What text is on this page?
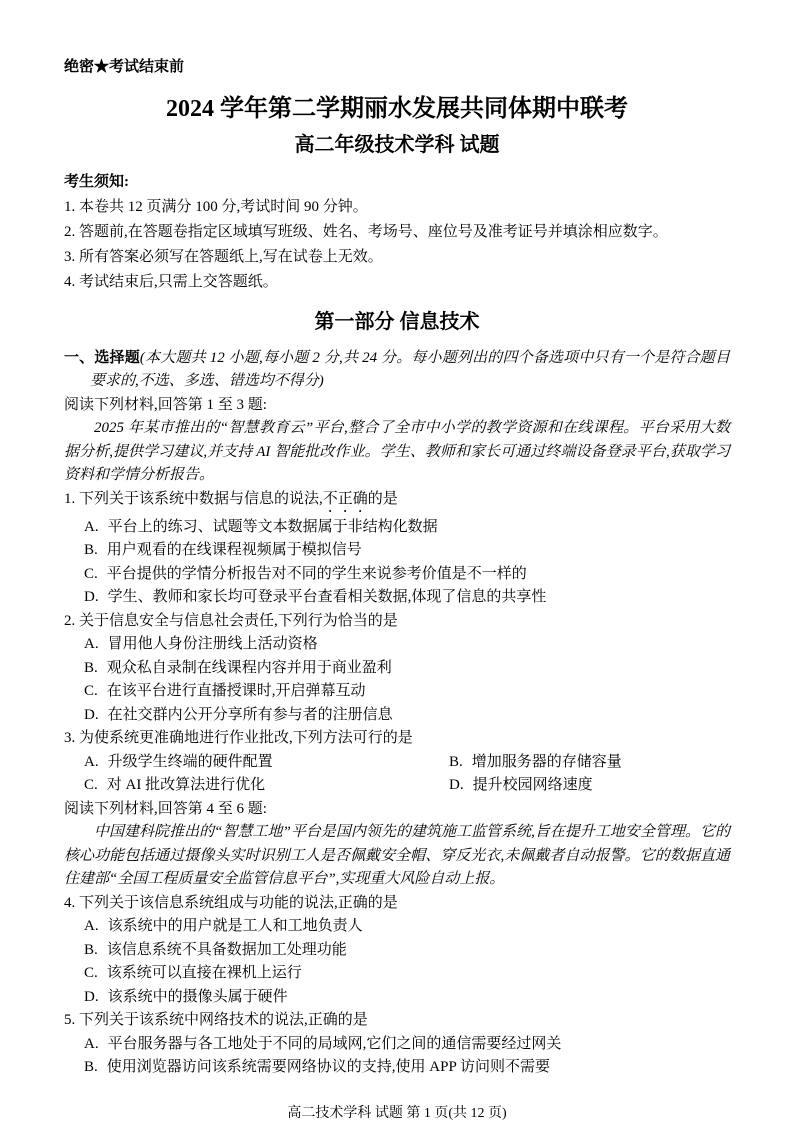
绝密★考试结束前
2024 学年第二学期丽水发展共同体期中联考
高二年级技术学科 试题
考生须知:
1. 本卷共 12 页满分 100 分,考试时间 90 分钟。
2. 答题前,在答题卷指定区域填写班级、姓名、考场号、座位号及准考证号并填涂相应数字。
3. 所有答案必须写在答题纸上,写在试卷上无效。
4. 考试结束后,只需上交答题纸。
第一部分 信息技术
一、选择题(本大题共 12 小题,每小题 2 分,共 24 分。每小题列出的四个备选项中只有一个是符合题目要求的,不选、多选、错选均不得分)
阅读下列材料,回答第 1 至 3 题:
2025 年某市推出的“智慧教育云”平台,整合了全市中小学的教学资源和在线课程。平台采用大数据分析,提供学习建议,并支持 AI 智能批改作业。学生、教师和家长可通过终端设备登录平台,获取学习资料和学情分析报告。
1. 下列关于该系统中数据与信息的说法,不正确的是
A. 平台上的练习、试题等文本数据属于非结构化数据
B. 用户观看的在线课程视频属于模拟信号
C. 平台提供的学情分析报告对不同的学生来说参考价值是不一样的
D. 学生、教师和家长均可登录平台查看相关数据,体现了信息的共享性
2. 关于信息安全与信息社会责任,下列行为恰当的是
A. 冒用他人身份注册线上活动资格
B. 观众私自录制在线课程内容并用于商业盈利
C. 在该平台进行直播授课时,开启弹幕互动
D. 在社交群内公开分享所有参与者的注册信息
3. 为使系统更准确地进行作业批改,下列方法可行的是
A. 升级学生终端的硬件配置	B. 增加服务器的存储容量
C. 对 AI 批改算法进行优化	D. 提升校园网络速度
阅读下列材料,回答第 4 至 6 题:
中国建科院推出的“智慧工地”平台是国内领先的建筑施工监管系统,旨在提升工地安全管理。它的核心功能包括通过摄像头实时识别工人是否佩戴安全帽、穿反光衣,未佩戴者自动报警。它的数据直通住建部“全国工程质量安全监管信息平台”,实现重大风险自动上报。
4. 下列关于该信息系统组成与功能的说法,正确的是
A. 该系统中的用户就是工人和工地负责人
B. 该信息系统不具备数据加工处理功能
C. 该系统可以直接在裸机上运行
D. 该系统中的摄像头属于硬件
5. 下列关于该系统中网络技术的说法,正确的是
A. 平台服务器与各工地处于不同的局域网,它们之间的通信需要经过网关
B. 使用浏览器访问该系统需要网络协议的支持,使用 APP 访问则不需要
高二技术学科 试题 第 1 页(共 12 页)
